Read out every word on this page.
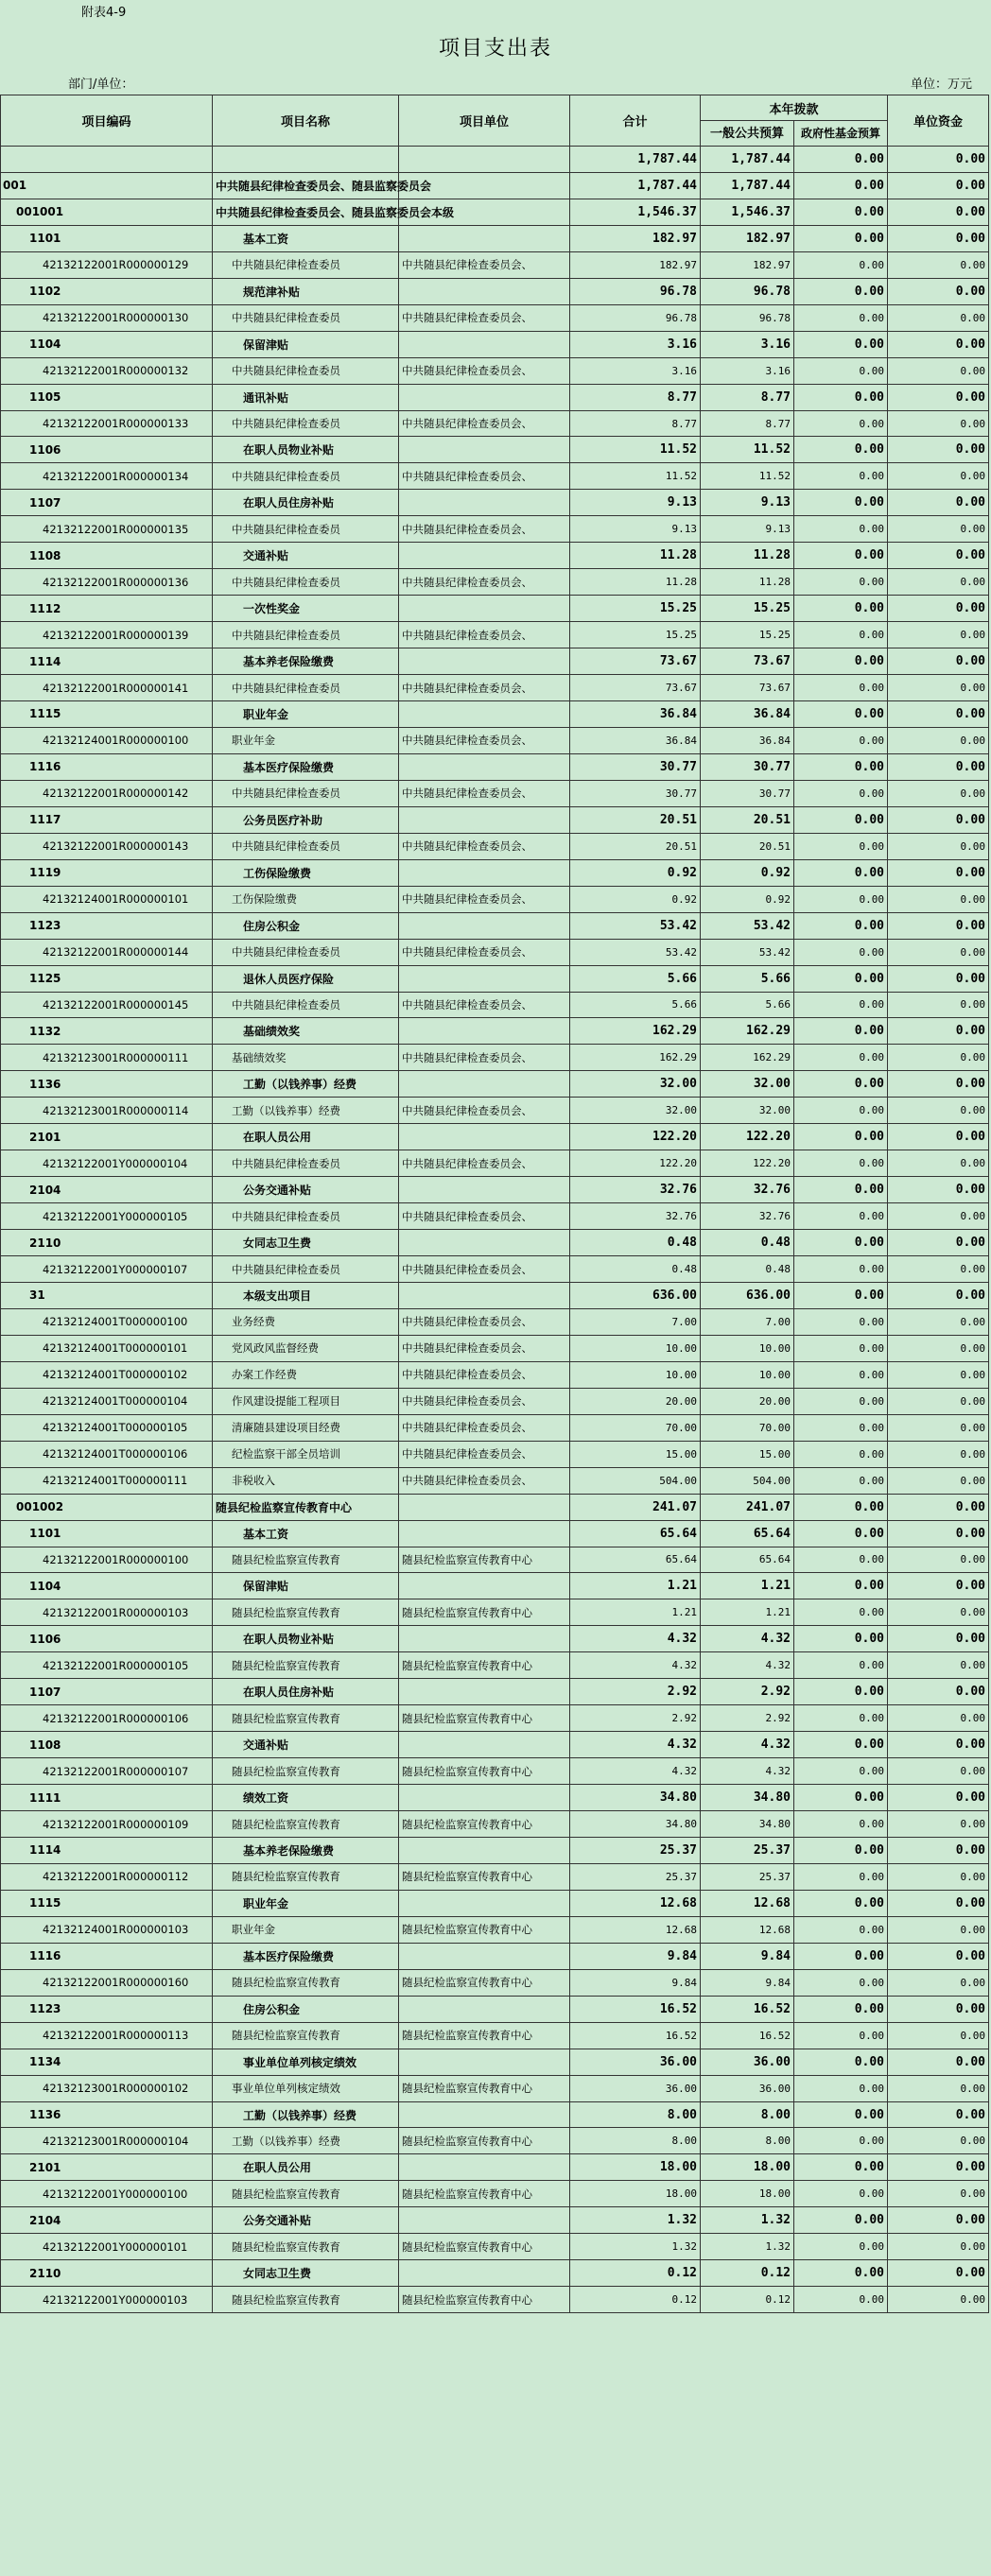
附表4-9
项目支出表
部门/单位：	单位：万元
项目编码	项目名称	项目单位	合计	本年拨款		单位资金
				一般公共预算	政府性基金预算	

			1,787.44	1,787.44	0.00	0.00
001	中共随县纪律检查委员会、随县监察委员会		1,787.44	1,787.44	0.00	0.00
001001	中共随县纪律检查委员会、随县监察委员会本级		1,546.37	1,546.37	0.00	0.00
1101	基本工资		182.97	182.97	0.00	0.00
42132122001R000000129	中共随县纪律检查委员	中共随县纪律检查委员会、	182.97	182.97	0.00	0.00
1102	规范津补贴		96.78	96.78	0.00	0.00
42132122001R000000130	中共随县纪律检查委员	中共随县纪律检查委员会、	96.78	96.78	0.00	0.00
1104	保留津贴		3.16	3.16	0.00	0.00
42132122001R000000132	中共随县纪律检查委员	中共随县纪律检查委员会、	3.16	3.16	0.00	0.00
1105	通讯补贴		8.77	8.77	0.00	0.00
42132122001R000000133	中共随县纪律检查委员	中共随县纪律检查委员会、	8.77	8.77	0.00	0.00
1106	在职人员物业补贴		11.52	11.52	0.00	0.00
42132122001R000000134	中共随县纪律检查委员	中共随县纪律检查委员会、	11.52	11.52	0.00	0.00
1107	在职人员住房补贴		9.13	9.13	0.00	0.00
42132122001R000000135	中共随县纪律检查委员	中共随县纪律检查委员会、	9.13	9.13	0.00	0.00
1108	交通补贴		11.28	11.28	0.00	0.00
42132122001R000000136	中共随县纪律检查委员	中共随县纪律检查委员会、	11.28	11.28	0.00	0.00
1112	一次性奖金		15.25	15.25	0.00	0.00
42132122001R000000139	中共随县纪律检查委员	中共随县纪律检查委员会、	15.25	15.25	0.00	0.00
1114	基本养老保险缴费		73.67	73.67	0.00	0.00
42132122001R000000141	中共随县纪律检查委员	中共随县纪律检查委员会、	73.67	73.67	0.00	0.00
1115	职业年金		36.84	36.84	0.00	0.00
42132124001R000000100	职业年金	中共随县纪律检查委员会、	36.84	36.84	0.00	0.00
1116	基本医疗保险缴费		30.77	30.77	0.00	0.00
42132122001R000000142	中共随县纪律检查委员	中共随县纪律检查委员会、	30.77	30.77	0.00	0.00
1117	公务员医疗补助		20.51	20.51	0.00	0.00
42132122001R000000143	中共随县纪律检查委员	中共随县纪律检查委员会、	20.51	20.51	0.00	0.00
1119	工伤保险缴费		0.92	0.92	0.00	0.00
42132124001R000000101	工伤保险缴费	中共随县纪律检查委员会、	0.92	0.92	0.00	0.00
1123	住房公积金		53.42	53.42	0.00	0.00
42132122001R000000144	中共随县纪律检查委员	中共随县纪律检查委员会、	53.42	53.42	0.00	0.00
1125	退休人员医疗保险		5.66	5.66	0.00	0.00
42132122001R000000145	中共随县纪律检查委员	中共随县纪律检查委员会、	5.66	5.66	0.00	0.00
1132	基础绩效奖		162.29	162.29	0.00	0.00
42132123001R000000111	基础绩效奖	中共随县纪律检查委员会、	162.29	162.29	0.00	0.00
1136	工勤（以钱养事）经费		32.00	32.00	0.00	0.00
42132123001R000000114	工勤（以钱养事）经费	中共随县纪律检查委员会、	32.00	32.00	0.00	0.00
2101	在职人员公用		122.20	122.20	0.00	0.00
42132122001Y000000104	中共随县纪律检查委员	中共随县纪律检查委员会、	122.20	122.20	0.00	0.00
2104	公务交通补贴		32.76	32.76	0.00	0.00
42132122001Y000000105	中共随县纪律检查委员	中共随县纪律检查委员会、	32.76	32.76	0.00	0.00
2110	女同志卫生费		0.48	0.48	0.00	0.00
42132122001Y000000107	中共随县纪律检查委员	中共随县纪律检查委员会、	0.48	0.48	0.00	0.00
31	本级支出项目		636.00	636.00	0.00	0.00
42132124001T000000100	业务经费	中共随县纪律检查委员会、	7.00	7.00	0.00	0.00
42132124001T000000101	党风政风监督经费	中共随县纪律检查委员会、	10.00	10.00	0.00	0.00
42132124001T000000102	办案工作经费	中共随县纪律检查委员会、	10.00	10.00	0.00	0.00
42132124001T000000104	作风建设提能工程项目	中共随县纪律检查委员会、	20.00	20.00	0.00	0.00
42132124001T000000105	清廉随县建设项目经费	中共随县纪律检查委员会、	70.00	70.00	0.00	0.00
42132124001T000000106	纪检监察干部全员培训	中共随县纪律检查委员会、	15.00	15.00	0.00	0.00
42132124001T000000111	非税收入	中共随县纪律检查委员会、	504.00	504.00	0.00	0.00
001002	随县纪检监察宣传教育中心		241.07	241.07	0.00	0.00
1101	基本工资		65.64	65.64	0.00	0.00
42132122001R000000100	随县纪检监察宣传教育	随县纪检监察宣传教育中心	65.64	65.64	0.00	0.00
1104	保留津贴		1.21	1.21	0.00	0.00
42132122001R000000103	随县纪检监察宣传教育	随县纪检监察宣传教育中心	1.21	1.21	0.00	0.00
1106	在职人员物业补贴		4.32	4.32	0.00	0.00
42132122001R000000105	随县纪检监察宣传教育	随县纪检监察宣传教育中心	4.32	4.32	0.00	0.00
1107	在职人员住房补贴		2.92	2.92	0.00	0.00
42132122001R000000106	随县纪检监察宣传教育	随县纪检监察宣传教育中心	2.92	2.92	0.00	0.00
1108	交通补贴		4.32	4.32	0.00	0.00
42132122001R000000107	随县纪检监察宣传教育	随县纪检监察宣传教育中心	4.32	4.32	0.00	0.00
1111	绩效工资		34.80	34.80	0.00	0.00
42132122001R000000109	随县纪检监察宣传教育	随县纪检监察宣传教育中心	34.80	34.80	0.00	0.00
1114	基本养老保险缴费		25.37	25.37	0.00	0.00
42132122001R000000112	随县纪检监察宣传教育	随县纪检监察宣传教育中心	25.37	25.37	0.00	0.00
1115	职业年金		12.68	12.68	0.00	0.00
42132124001R000000103	职业年金	随县纪检监察宣传教育中心	12.68	12.68	0.00	0.00
1116	基本医疗保险缴费		9.84	9.84	0.00	0.00
42132122001R000000160	随县纪检监察宣传教育	随县纪检监察宣传教育中心	9.84	9.84	0.00	0.00
1123	住房公积金		16.52	16.52	0.00	0.00
42132122001R000000113	随县纪检监察宣传教育	随县纪检监察宣传教育中心	16.52	16.52	0.00	0.00
1134	事业单位单列核定绩效		36.00	36.00	0.00	0.00
42132123001R000000102	事业单位单列核定绩效	随县纪检监察宣传教育中心	36.00	36.00	0.00	0.00
1136	工勤（以钱养事）经费		8.00	8.00	0.00	0.00
42132123001R000000104	工勤（以钱养事）经费	随县纪检监察宣传教育中心	8.00	8.00	0.00	0.00
2101	在职人员公用		18.00	18.00	0.00	0.00
42132122001Y000000100	随县纪检监察宣传教育	随县纪检监察宣传教育中心	18.00	18.00	0.00	0.00
2104	公务交通补贴		1.32	1.32	0.00	0.00
42132122001Y000000101	随县纪检监察宣传教育	随县纪检监察宣传教育中心	1.32	1.32	0.00	0.00
2110	女同志卫生费		0.12	0.12	0.00	0.00
42132122001Y000000103	随县纪检监察宣传教育	随县纪检监察宣传教育中心	0.12	0.12	0.00	0.00
